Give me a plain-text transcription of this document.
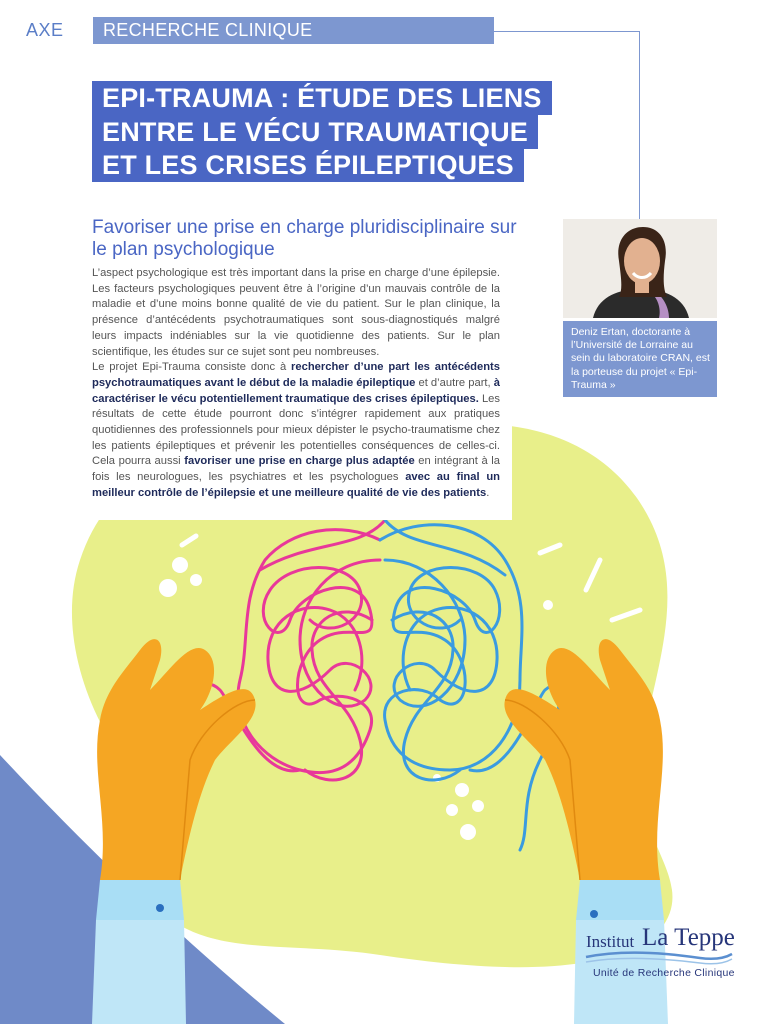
AXE RECHERCHE CLINIQUE
EPI-TRAUMA : ÉTUDE DES LIENS
ENTRE LE VÉCU TRAUMATIQUE
ET LES CRISES ÉPILEPTIQUES
Favoriser une prise en charge pluridisciplinaire sur le plan psychologique

L’aspect psychologique est très important dans la prise en charge d’une épilepsie. Les facteurs psychologiques peuvent être à l’origine d’un mauvais contrôle de la maladie et d’une moins bonne qualité de vie du patient. Sur le plan clinique, la présence d’antécédents psychotraumatiques sont sous-diagnostiqués malgré leurs impacts indéniables sur la vie quotidienne des patients. Sur le plan scientifique, les études sur ce sujet sont peu nombreuses.

Le projet Epi-Trauma consiste donc à rechercher d’une part les antécédents psychotraumatiques avant le début de la maladie épileptique et d’autre part, à caractériser le vécu potentiellement traumatique des crises épileptiques. Les résultats de cette étude pourront donc s’intégrer rapidement aux pratiques quotidiennes des professionnels pour mieux dépister le psycho-traumatisme chez les patients épileptiques et prévenir les potentielles conséquences de celles-ci. Cela pourra aussi favoriser une prise en charge plus adaptée en intégrant à la fois les neurologues, les psychiatres et les psychologues avec au final un meilleur contrôle de l’épilepsie et une meilleure qualité de vie des patients.

Deniz Ertan, doctorante à l’Université de Lorraine au sein du laboratoire CRAN, est la porteuse du projet « Epi-Trauma »
Institut La Teppe
Unité de Recherche Clinique
